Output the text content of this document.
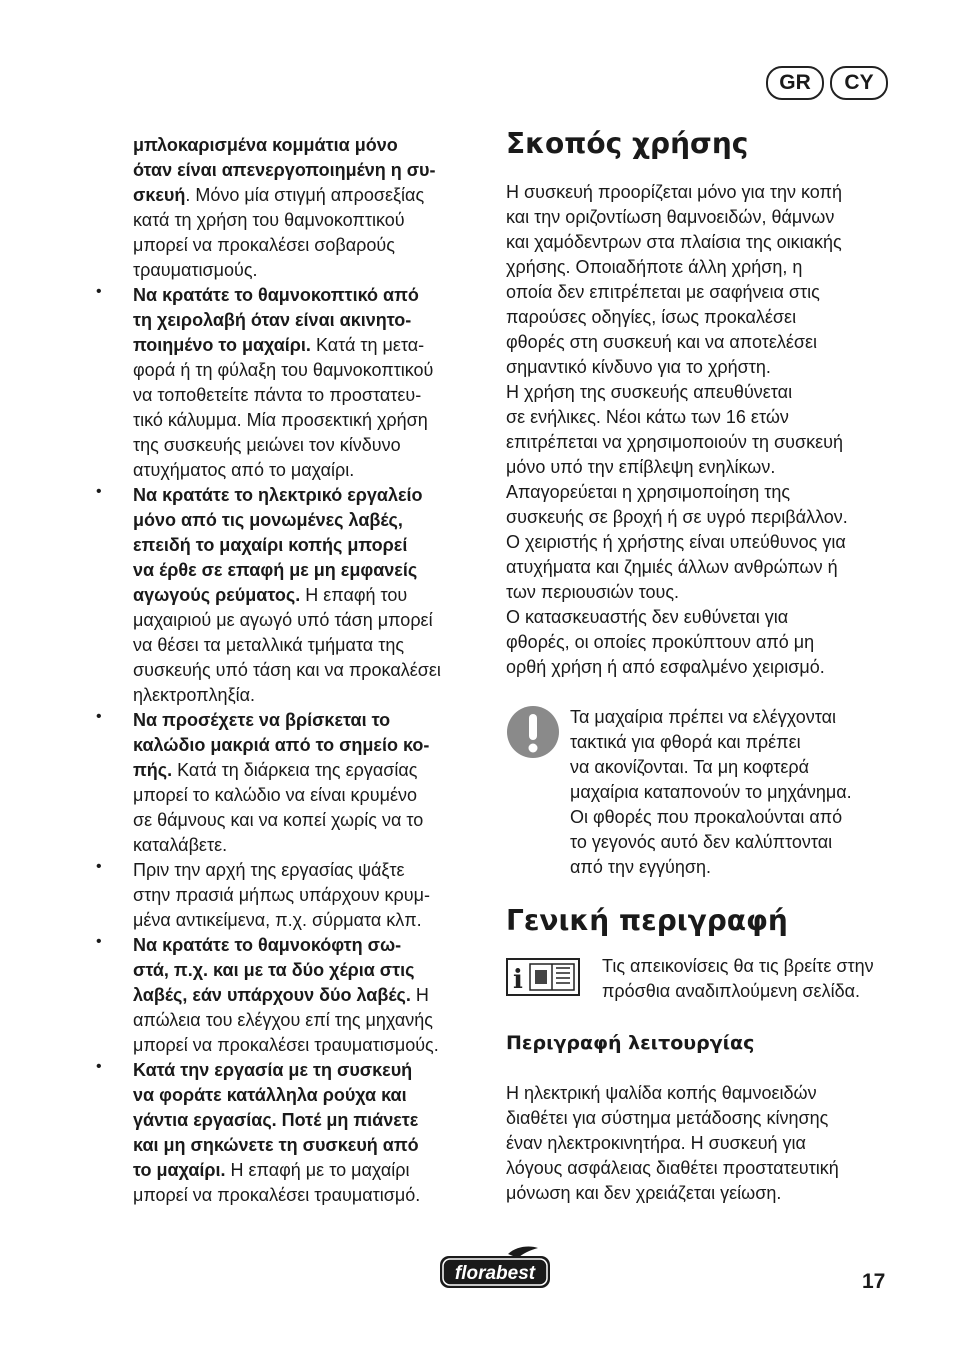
GR	CY

μπλοκαρισμένα κομμάτια μόνο

όταν είναι απενεργοποιημένη η συ-

σκευή. Μόνο μία στιγμή απροσεξίας

κατά τη χρήση του θαμνοκοπτικού

μπορεί να προκαλέσει σοβαρούς

τραυματισμούς.

•	Να κρατάτε το θαμνοκοπτικό από

τη χειρολαβή όταν είναι ακινητο-

ποιημένο το μαχαίρι. Κατά τη μετα-

φορά ή τη φύλαξη του θαμνοκοπτικού

να τοποθετείτε πάντα το προστατευ-

τικό κάλυμμα. Μία προσεκτική χρήση

της συσκευής μειώνει τον κίνδυνο

ατυχήματος από το μαχαίρι.

•	Να κρατάτε το ηλεκτρικό εργαλείο

μόνο από τις μονωμένες λαβές,

επειδή το μαχαίρι κοπής μπορεί

να έρθε σε επαφή με μη εμφανείς

αγωγούς ρεύματος. Η επαφή του

μαχαιριού με αγωγό υπό τάση μπορεί

να θέσει τα μεταλλικά τμήματα της

συσκευής υπό τάση και να προκαλέσει

ηλεκτροπληξία.

•	Να προσέχετε να βρίσκεται το

καλώδιο μακριά από το σημείο κο-

πής. Κατά τη διάρκεια της εργασίας

μπορεί το καλώδιο να είναι κρυμένο

σε θάμνους και να κοπεί χωρίς να το

καταλάβετε.

•	Πριν την αρχή της εργασίας ψάξτε

στην πρασιά μήπως υπάρχουν κρυμ-

μένα αντικείμενα, π.χ. σύρματα κλπ.

•	Να κρατάτε το θαμνοκόφτη σω-

στά, π.χ. και με τα δύο χέρια στις

λαβές, εάν υπάρχουν δύο λαβές. Η

απώλεια του ελέγχου επί της μηχανής

μπορεί να προκαλέσει τραυματισμούς.

•	Κατά την εργασία με τη συσκευή

να φοράτε κατάλληλα ρούχα και

γάντια εργασίας. Ποτέ μη πιάνετε

και μη σηκώνετε τη συσκευή από

το μαχαίρι. Η επαφή με το μαχαίρι

μπορεί να προκαλέσει τραυματισμό.

Σκοπός χρήσης

Η συσκευή προορίζεται μόνο για την κοπή

και την οριζοντίωση θαμνοειδών, θάμνων

και χαμόδεντρων στα πλαίσια της οικιακής

χρήσης. Οποιαδήποτε άλλη χρήση, η

οποία δεν επιτρέπεται με σαφήνεια στις

παρούσες οδηγίες, ίσως προκαλέσει

φθορές στη συσκευή και να αποτελέσει

σημαντικό κίνδυνο για το χρήστη.

Η χρήση της συσκευής απευθύνεται

σε ενήλικες. Νέοι κάτω των 16 ετών

επιτρέπεται να χρησιμοποιούν τη συσκευή

μόνο υπό την επίβλεψη ενηλίκων.

Απαγορεύεται η χρησιμοποίηση της

συσκευής σε βροχή ή σε υγρό περιβάλλον.

Ο χειριστής ή χρήστης είναι υπεύθυνος για

ατυχήματα και ζημιές άλλων ανθρώπων ή

των περιουσιών τους.

Ο κατασκευαστής δεν ευθύνεται για

φθορές, οι οποίες προκύπτουν από μη

ορθή χρήση ή από εσφαλμένο χειρισμό.

Τα μαχαίρια πρέπει να ελέγχονται

τακτικά για φθορά και πρέπει

να ακονίζονται. Τα μη κοφτερά

μαχαίρια καταπονούν το μηχάνημα.

Οι φθορές που προκαλούνται από

το γεγονός αυτό δεν καλύπτονται

από την εγγύηση.

Γενική περιγραφή
i	Τις απεικονίσεις θα τις βρείτε στην

πρόσθια αναδιπλούμενη σελίδα.

Περιγραφή λειτουργίας

Η ηλεκτρική ψαλίδα κοπής θαμνοειδών

διαθέτει για σύστημα μετάδοσης κίνησης

έναν ηλεκτροκινητήρα. Η συσκευή για

λόγους ασφάλειας διαθέτει προστατευτική

μόνωση και δεν χρειάζεται γείωση.

florabest	17
